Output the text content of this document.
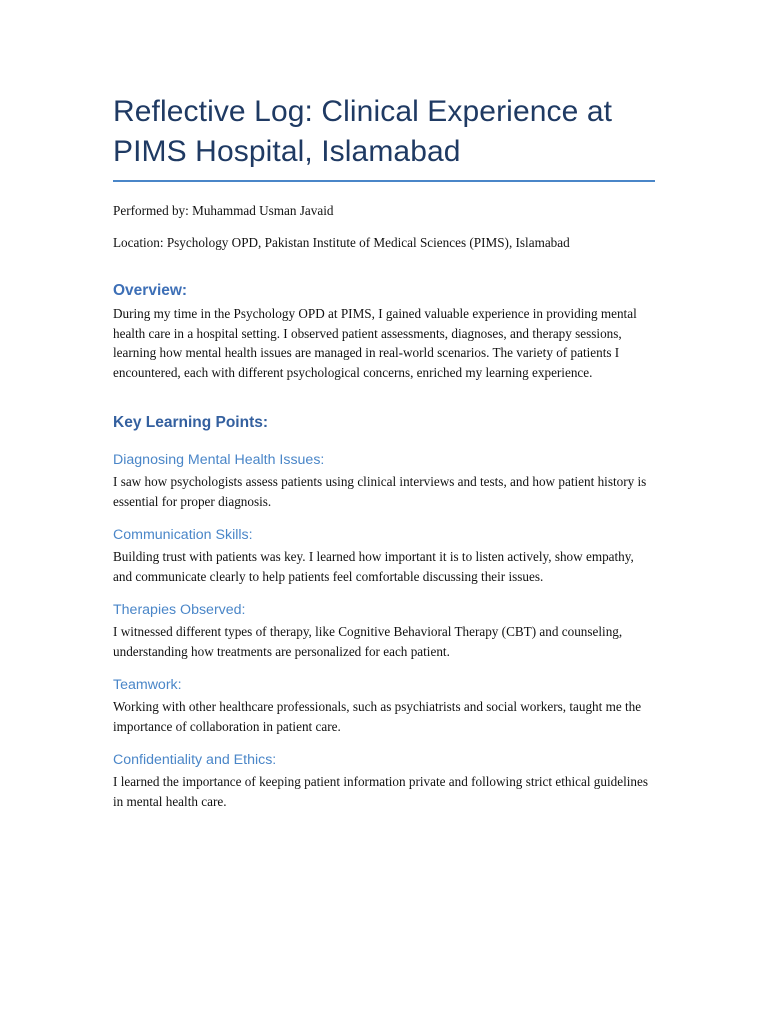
Reflective Log: Clinical Experience at PIMS Hospital, Islamabad

Performed by: Muhammad Usman Javaid

Location: Psychology OPD, Pakistan Institute of Medical Sciences (PIMS), Islamabad

Overview:

During my time in the Psychology OPD at PIMS, I gained valuable experience in providing mental health care in a hospital setting. I observed patient assessments, diagnoses, and therapy sessions, learning how mental health issues are managed in real-world scenarios. The variety of patients I encountered, each with different psychological concerns, enriched my learning experience.

Key Learning Points:
Diagnosing Mental Health Issues:

I saw how psychologists assess patients using clinical interviews and tests, and how patient history is essential for proper diagnosis.

Communication Skills:

Building trust with patients was key. I learned how important it is to listen actively, show empathy, and communicate clearly to help patients feel comfortable discussing their issues.

Therapies Observed:

I witnessed different types of therapy, like Cognitive Behavioral Therapy (CBT) and counseling, understanding how treatments are personalized for each patient.

Teamwork:

Working with other healthcare professionals, such as psychiatrists and social workers, taught me the importance of collaboration in patient care.

Confidentiality and Ethics:

I learned the importance of keeping patient information private and following strict ethical guidelines in mental health care.
